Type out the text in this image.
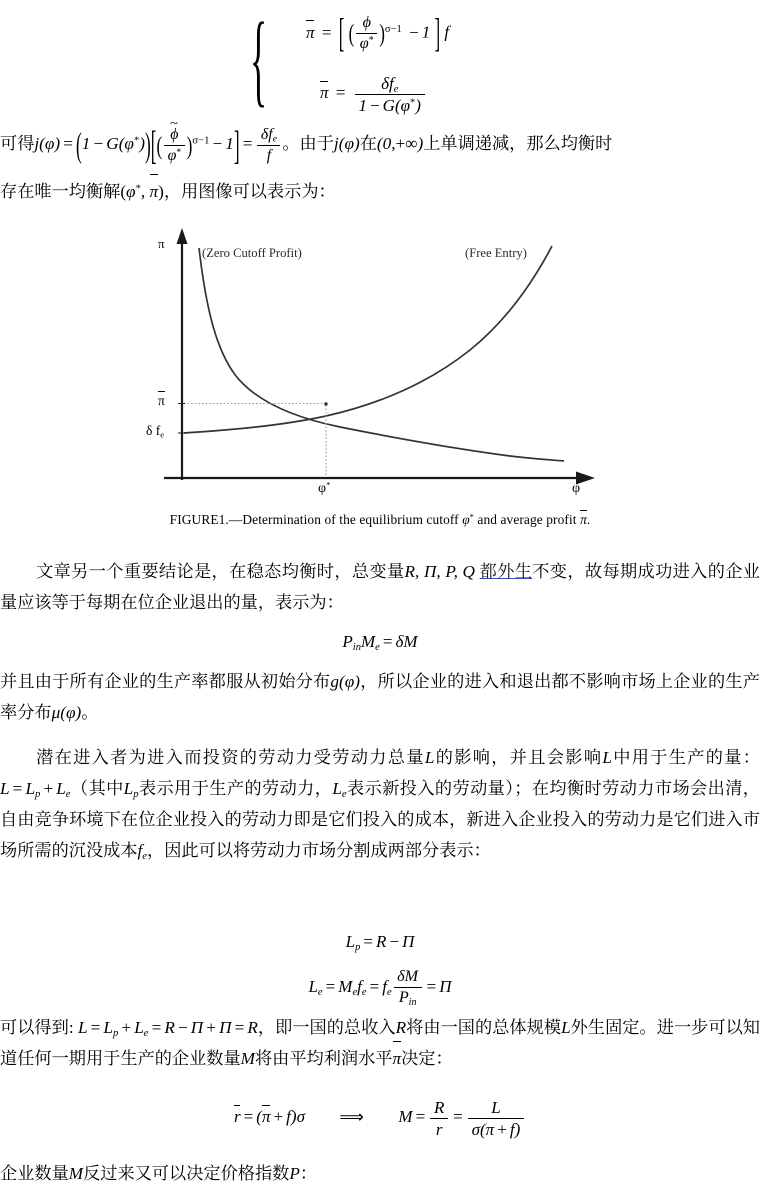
{ π = [ ( $\frac{\phi}{\varphi^*} )^{\sigma-1} - 1$ ] f
$\pi = \frac{\delta f_e}{1 - G(\varphi^*)}$
可得j(φ) = (1 − G(φ*))[( ~ $\frac{\phi}{\varphi^*} )^{\sigma-1} - 1] = \frac{\delta f_e}{f}$ 。由于j(φ)在(0,+∞)上单调递减，那么均衡时
存在唯一均衡解(φ*, π)，用图像可以表示为：
π
φ
π
δ $f_e$
φ*
(Zero Cutoff Profit)	(Free Entry)
FIGURE1.—Determination of the equilibrium cutoff φ* and average profit π.
文章另一个重要结论是，在稳态均衡时，总变量R, Π, P, Q 都外生不变，故每期成功进入的企业量应该等于每期在位企业退出的量，表示为：
$P_{in}M_e = \delta M$
并且由于所有企业的生产率都服从初始分布g(φ)，所以企业的进入和退出都不影响市场上企业的生产率分布μ(φ)。
潜在进入者为进入而投资的劳动力受劳动力总量L的影响，并且会影响L中用于生产的量：$L = L_p + L_e$（其中$L_p$表示用于生产的劳动力，$L_e$表示新投入的劳动量）；在均衡时劳动力市场会出清，自由竞争环境下在位企业投入的劳动力即是它们投入的成本，新进入企业投入的劳动力是它们进入市场所需的沉没成本$f_e$，因此可以将劳动力市场分割成两部分表示：
$L_p = R - \Pi$
$L_e = M_ef_e = f_e \frac{\delta M}{P_{in}} = \Pi$
可以得到: $L = L_p + L_e = R - \Pi + \Pi = R$，即一国的总收入R将由一国的总体规模L外生固定。进一步可以知道任何一期用于生产的企业数量M将由平均利润水平π决定：
r = (π + f)σ ⟹ $M = \frac{R}{r} = \frac{L}{\sigma(\pi + f)}$
企业数量M反过来又可以决定价格指数P：
